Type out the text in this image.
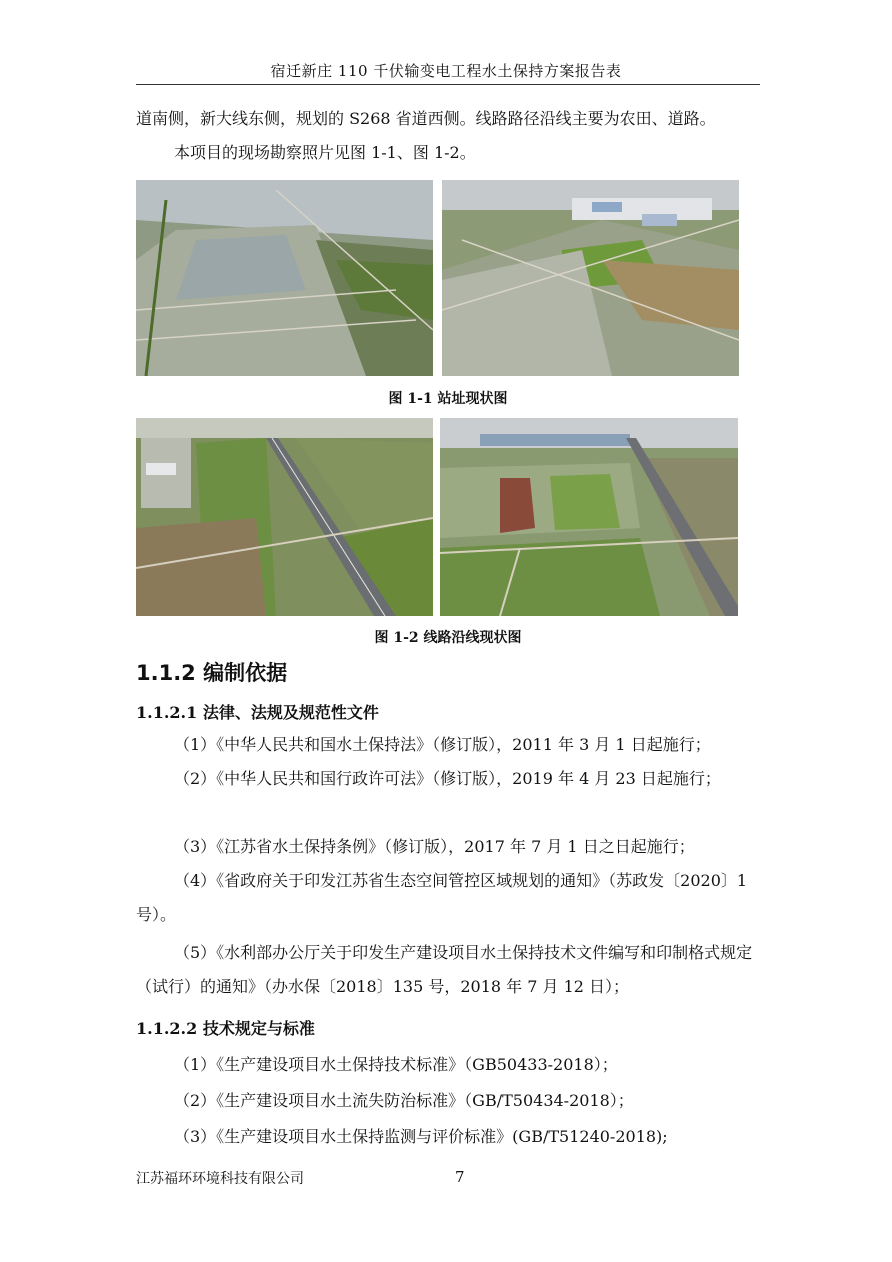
宿迁新庄 110 千伏输变电工程水土保持方案报告表
道南侧，新大线东侧，规划的 S268 省道西侧。线路路径沿线主要为农田、道路。
本项目的现场勘察照片见图 1-1、图 1-2。
图 1-1 站址现状图
图 1-2 线路沿线现状图
1.1.2 编制依据
1.1.2.1 法律、法规及规范性文件
（1）《中华人民共和国水土保持法》（修订版），2011 年 3 月 1 日起施行；
（2）《中华人民共和国行政许可法》（修订版），2019 年 4 月 23 日起施行；
（3）《江苏省水土保持条例》（修订版），2017 年 7 月 1 日之日起施行；
（4）《省政府关于印发江苏省生态空间管控区域规划的通知》（苏政发〔2020〕1 号）。
（5）《水利部办公厅关于印发生产建设项目水土保持技术文件编写和印制格式规定（试行）的通知》（办水保〔2018〕135 号，2018 年 7 月 12 日）；
1.1.2.2 技术规定与标准
（1）《生产建设项目水土保持技术标准》（GB50433-2018）；
（2）《生产建设项目水土流失防治标准》（GB/T50434-2018）；
（3）《生产建设项目水土保持监测与评价标准》(GB/T51240-2018);
江苏福环环境科技有限公司	7
